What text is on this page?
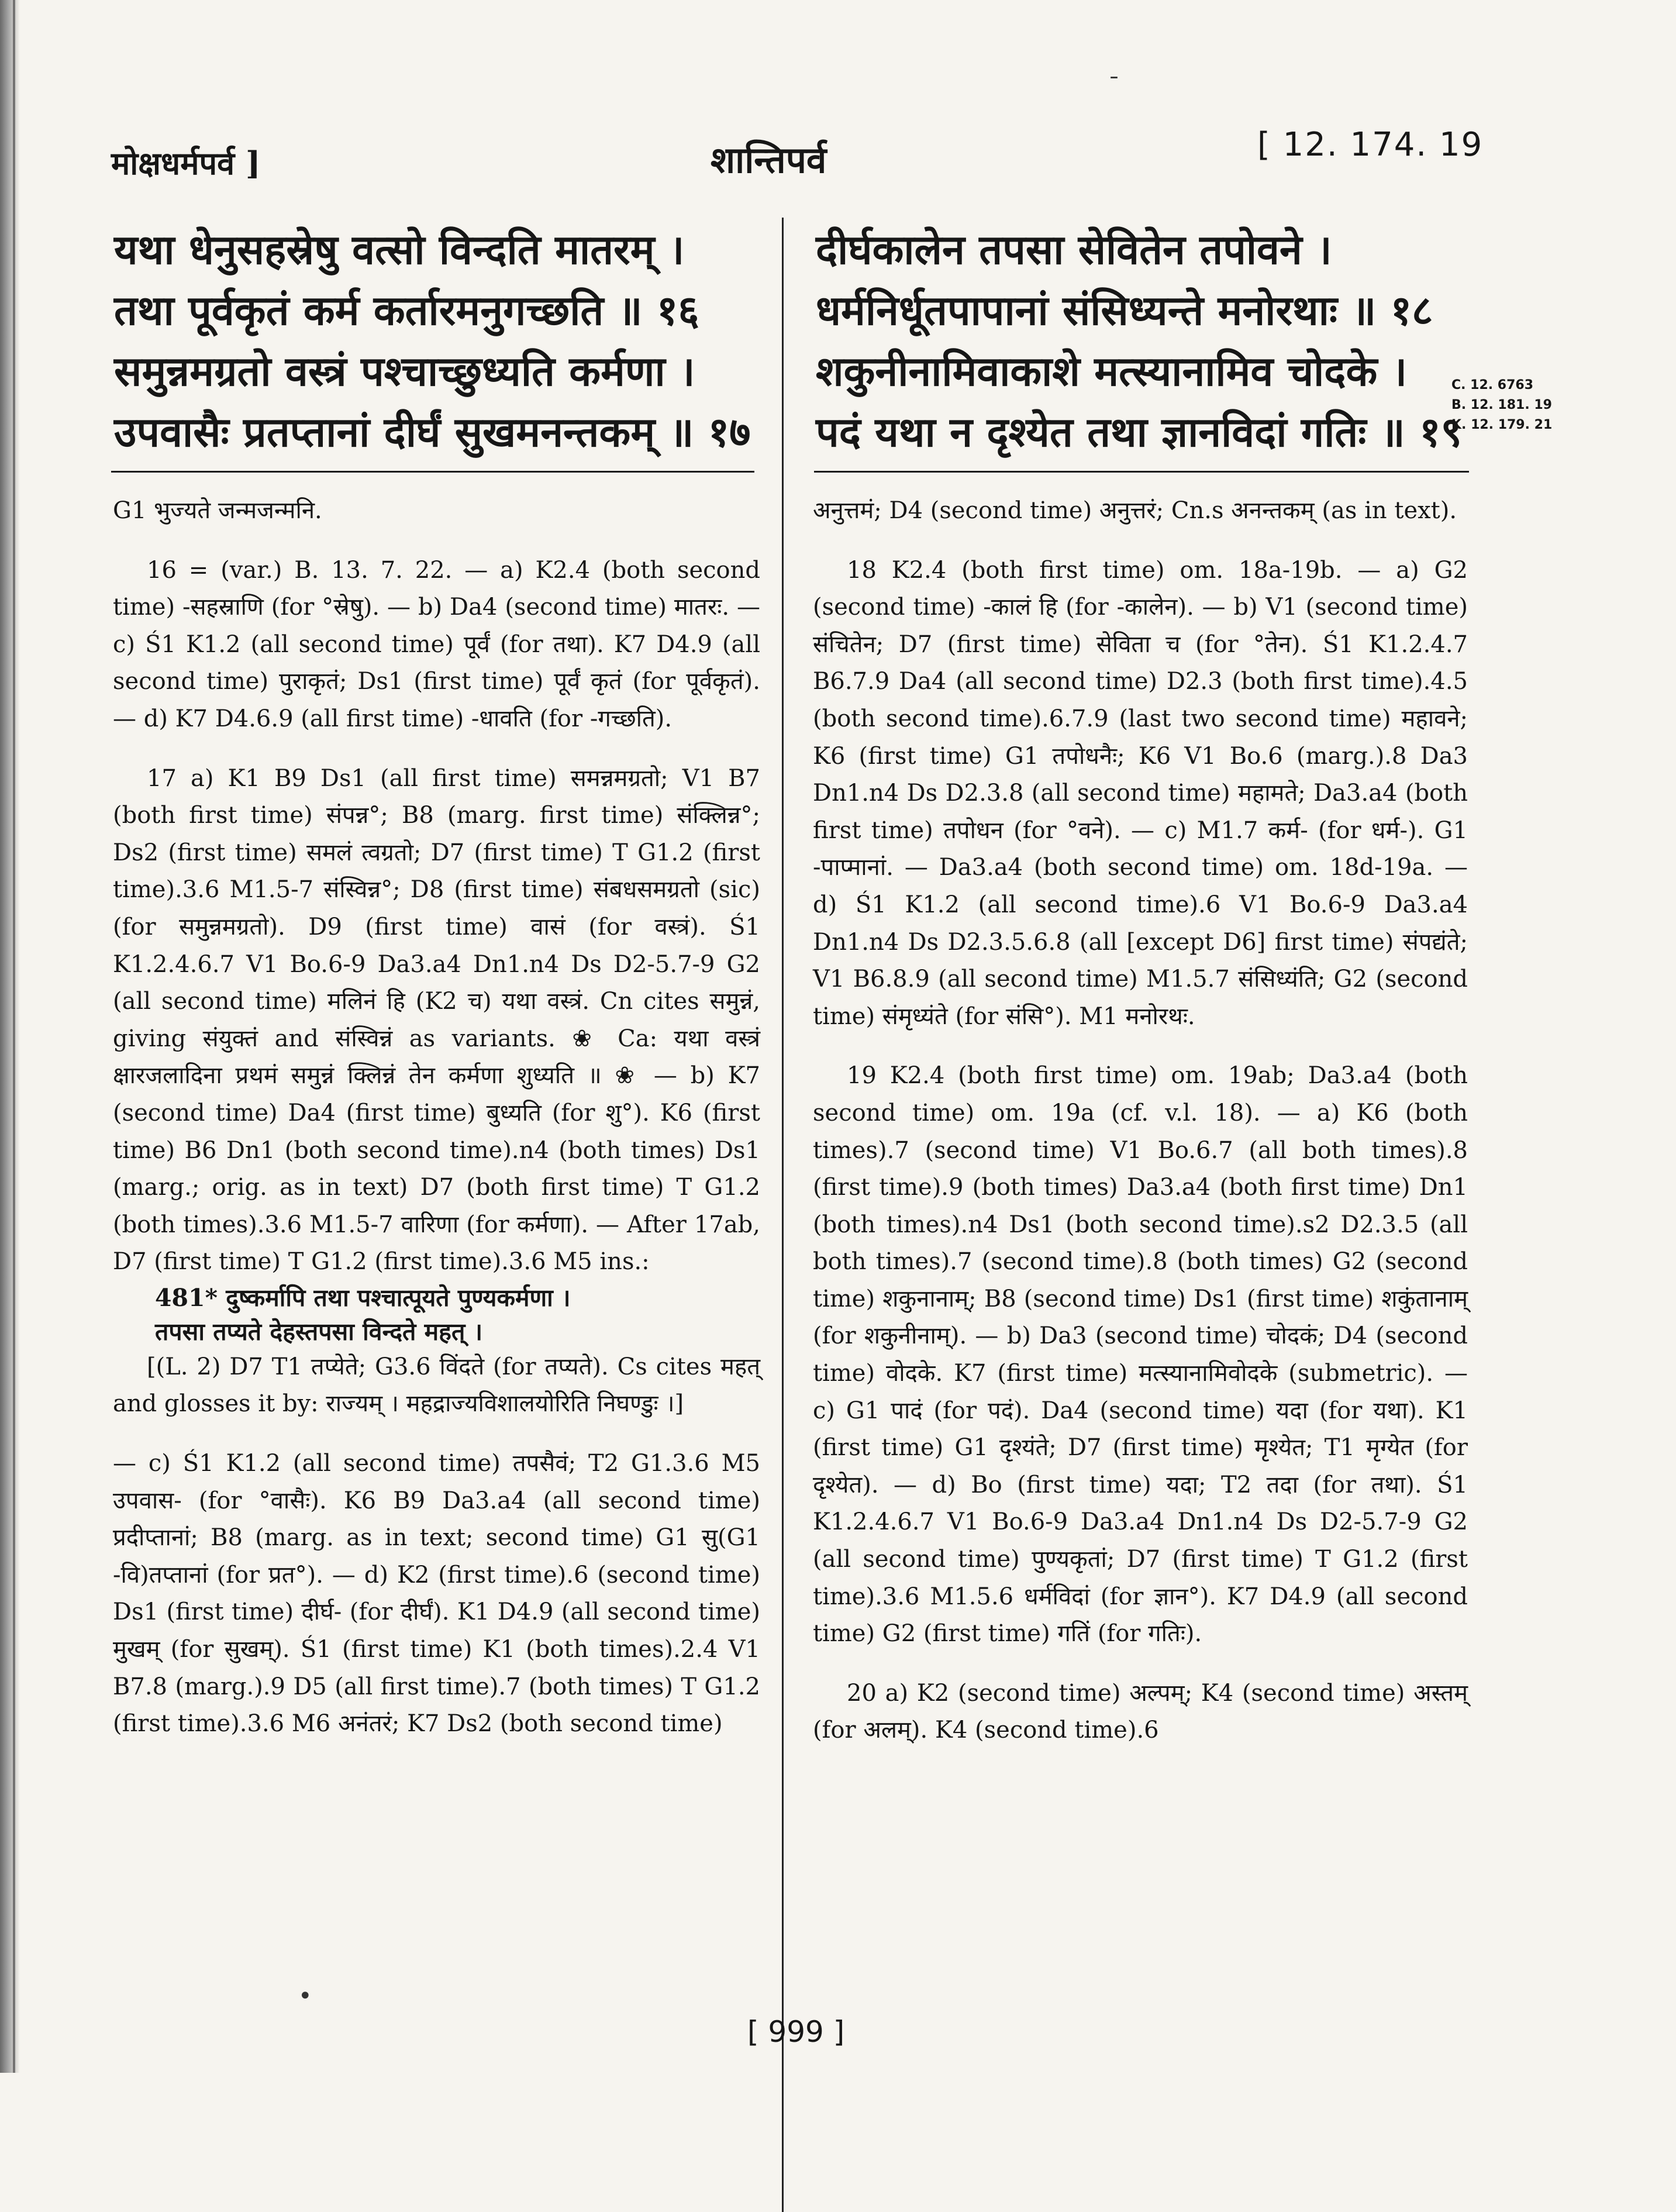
ˉ
मोक्षधर्मपर्व ]	शान्तिपर्व	[ 12. 174. 19
यथा धेनुसहस्रेषु वत्सो विन्दति मातरम् ।
तथा पूर्वकृतं कर्म कर्तारमनुगच्छति ॥ १६
समुन्नमग्रतो वस्त्रं पश्चाच्छुध्यति कर्मणा ।
उपवासैः प्रतप्तानां दीर्घं सुखमनन्तकम् ॥ १७
दीर्घकालेन तपसा सेवितेन तपोवने ।
धर्मनिर्धूतपापानां संसिध्यन्ते मनोरथाः ॥ १८
शकुनीनामिवाकाशे मत्स्यानामिव चोदके ।
पदं यथा न दृश्येत तथा ज्ञानविदां गतिः ॥ १९
C. 12. 6763
B. 12. 181. 19
K. 12. 179. 21

G1 भुज्यते जन्मजन्मनि.

16 = (var.) B. 13. 7. 22. — a) K2.4 (both second time) -सहस्राणि (for °स्रेषु). — b) Da4 (second time) मातरः. — c) Ś1 K1.2 (all second time) पूर्वं (for तथा). K7 D4.9 (all second time) पुराकृतं; Ds1 (first time) पूर्वं कृतं (for पूर्वकृतं). — d) K7 D4.6.9 (all first time) -धावति (for -गच्छति).

17 a) K1 B9 Ds1 (all first time) समन्नमग्रतो; V1 B7 (both first time) संपन्न°; B8 (marg. first time) संक्लिन्न°; Ds2 (first time) समलं त्वग्रतो; D7 (first time) T G1.2 (first time).3.6 M1.5-7 संस्विन्न°; D8 (first time) संबधसमग्रतो (sic) (for समुन्नमग्रतो). D9 (first time) वासं (for वस्त्रं). Ś1 K1.2.4.6.7 V1 Bo.6-9 Da3.a4 Dn1.n4 Ds D2-5.7-9 G2 (all second time) मलिनं हि (K2 च) यथा वस्त्रं. Cn cites समुन्नं, giving संयुक्तं and संस्विन्नं as variants. ❀ Ca: यथा वस्त्रं क्षारजलादिना प्रथमं समुन्नं क्लिन्नं तेन कर्मणा शुध्यति ॥ ❀ — b) K7 (second time) Da4 (first time) बुध्यति (for शु°). K6 (first time) B6 Dn1 (both second time).n4 (both times) Ds1 (marg.; orig. as in text) D7 (both first time) T G1.2 (both times).3.6 M1.5-7 वारिणा (for कर्मणा). — After 17ab, D7 (first time) T G1.2 (first time).3.6 M5 ins.:

481* दुष्कर्मापि तथा पश्चात्पूयते पुण्यकर्मणा ।

तपसा तप्यते देहस्तपसा विन्दते महत् ।

[(L. 2) D7 T1 तप्येते; G3.6 विंदते (for तप्यते). Cs cites महत् and glosses it by: राज्यम् । महद्राज्यविशालयोरिति निघण्डुः ।]

— c) Ś1 K1.2 (all second time) तपसैवं; T2 G1.3.6 M5 उपवास- (for °वासैः). K6 B9 Da3.a4 (all second time) प्रदीप्तानां; B8 (marg. as in text; second time) G1 सु(G1 -वि)तप्तानां (for प्रत°). — d) K2 (first time).6 (second time) Ds1 (first time) दीर्घ- (for दीर्घं). K1 D4.9 (all second time) मुखम् (for सुखम्). Ś1 (first time) K1 (both times).2.4 V1 B7.8 (marg.).9 D5 (all first time).7 (both times) T G1.2 (first time).3.6 M6 अनंतरं; K7 Ds2 (both second time)

अनुत्तमं; D4 (second time) अनुत्तरं; Cn.s अनन्तकम् (as in text).

18 K2.4 (both first time) om. 18a-19b. — a) G2 (second time) -कालं हि (for -कालेन). — b) V1 (second time) संचितेन; D7 (first time) सेविता च (for °तेन). Ś1 K1.2.4.7 B6.7.9 Da4 (all second time) D2.3 (both first time).4.5 (both second time).6.7.9 (last two second time) महावने; K6 (first time) G1 तपोधनैः; K6 V1 Bo.6 (marg.).8 Da3 Dn1.n4 Ds D2.3.8 (all second time) महामते; Da3.a4 (both first time) तपोधन (for °वने). — c) M1.7 कर्म- (for धर्म-). G1 -पाप्मानां. — Da3.a4 (both second time) om. 18d-19a. — d) Ś1 K1.2 (all second time).6 V1 Bo.6-9 Da3.a4 Dn1.n4 Ds D2.3.5.6.8 (all [except D6] first time) संपद्यंते; V1 B6.8.9 (all second time) M1.5.7 संसिध्यंति; G2 (second time) संमृध्यंते (for संसि°). M1 मनोरथः.

19 K2.4 (both first time) om. 19ab; Da3.a4 (both second time) om. 19a (cf. v.l. 18). — a) K6 (both times).7 (second time) V1 Bo.6.7 (all both times).8 (first time).9 (both times) Da3.a4 (both first time) Dn1 (both times).n4 Ds1 (both second time).s2 D2.3.5 (all both times).7 (second time).8 (both times) G2 (second time) शकुनानाम्; B8 (second time) Ds1 (first time) शकुंतानाम् (for शकुनीनाम्). — b) Da3 (second time) चोदकं; D4 (second time) वोदके. K7 (first time) मत्स्यानामिवोदके (submetric). — c) G1 पादं (for पदं). Da4 (second time) यदा (for यथा). K1 (first time) G1 दृश्यंते; D7 (first time) मृश्येत; T1 मृग्येत (for दृश्येत). — d) Bo (first time) यदा; T2 तदा (for तथा). Ś1 K1.2.4.6.7 V1 Bo.6-9 Da3.a4 Dn1.n4 Ds D2-5.7-9 G2 (all second time) पुण्यकृतां; D7 (first time) T G1.2 (first time).3.6 M1.5.6 धर्मविदां (for ज्ञान°). K7 D4.9 (all second time) G2 (first time) गतिं (for गतिः).

20 a) K2 (second time) अल्पम्; K4 (second time) अस्तम् (for अलम्). K4 (second time).6

•
[ 999 ]
